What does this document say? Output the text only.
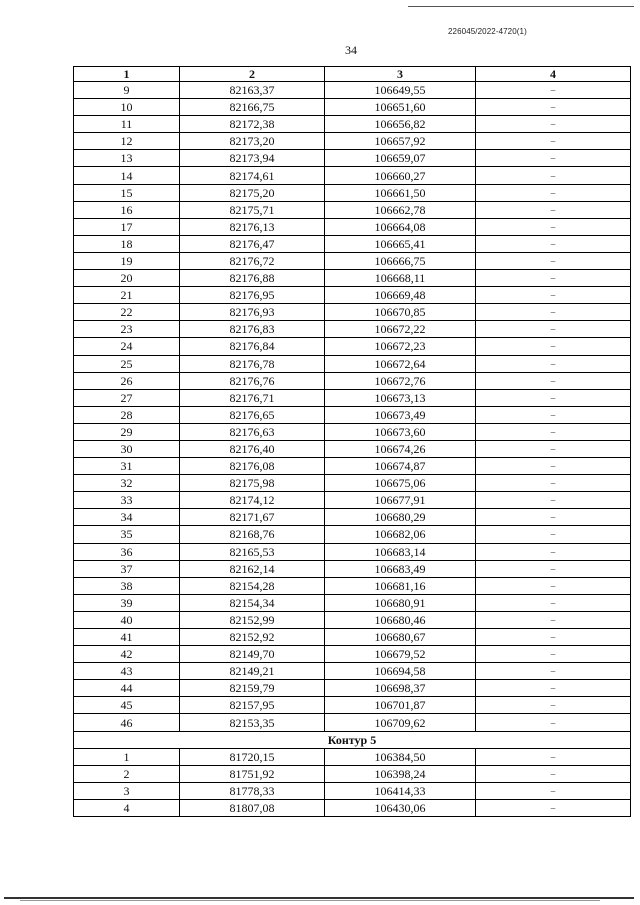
226045/2022-4720(1)
34
1	2	3	4
9	82163,37	106649,55	–
10	82166,75	106651,60	–
11	82172,38	106656,82	–
12	82173,20	106657,92	–
13	82173,94	106659,07	–
14	82174,61	106660,27	–
15	82175,20	106661,50	–
16	82175,71	106662,78	–
17	82176,13	106664,08	–
18	82176,47	106665,41	–
19	82176,72	106666,75	–
20	82176,88	106668,11	–
21	82176,95	106669,48	–
22	82176,93	106670,85	–
23	82176,83	106672,22	–
24	82176,84	106672,23	–
25	82176,78	106672,64	–
26	82176,76	106672,76	–
27	82176,71	106673,13	–
28	82176,65	106673,49	–
29	82176,63	106673,60	–
30	82176,40	106674,26	–
31	82176,08	106674,87	–
32	82175,98	106675,06	–
33	82174,12	106677,91	–
34	82171,67	106680,29	–
35	82168,76	106682,06	–
36	82165,53	106683,14	–
37	82162,14	106683,49	–
38	82154,28	106681,16	–
39	82154,34	106680,91	–
40	82152,99	106680,46	–
41	82152,92	106680,67	–
42	82149,70	106679,52	–
43	82149,21	106694,58	–
44	82159,79	106698,37	–
45	82157,95	106701,87	–
46	82153,35	106709,62	–
Контур 5			
1	81720,15	106384,50	–
2	81751,92	106398,24	–
3	81778,33	106414,33	–
4	81807,08	106430,06	–
